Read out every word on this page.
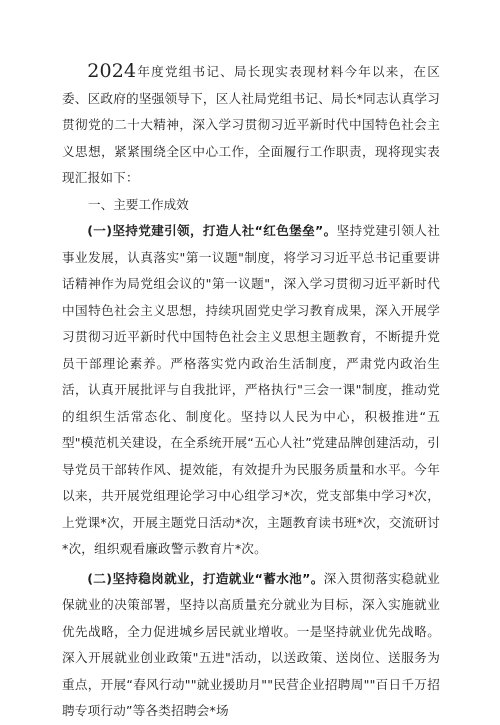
2024年度党组书记、局长现实表现材料今年以来，在区委、区政府的坚强领导下，区人社局党组书记、局长*同志认真学习贯彻党的二十大精神，深入学习贯彻习近平新时代中国特色社会主义思想，紧紧围绕全区中心工作，全面履行工作职责，现将现实表现汇报如下：

一、主要工作成效

(一)坚持党建引领，打造人社“红色堡垒”。坚持党建引领人社事业发展，认真落实"第一议题"制度，将学习习近平总书记重要讲话精神作为局党组会议的"第一议题"，深入学习贯彻习近平新时代中国特色社会主义思想，持续巩固党史学习教育成果，深入开展学习贯彻习近平新时代中国特色社会主义思想主题教育，不断提升党员干部理论素养。严格落实党内政治生活制度，严肃党内政治生活，认真开展批评与自我批评，严格执行"三会一课"制度，推动党的组织生活常态化、制度化。坚持以人民为中心，积极推进“五型"模范机关建设，在全系统开展“五心人社”党建品牌创建活动，引导党员干部转作风、提效能，有效提升为民服务质量和水平。今年以来，共开展党组理论学习中心组学习*次，党支部集中学习*次，上党课*次，开展主题党日活动*次，主题教育读书班*次，交流研讨*次，组织观看廉政警示教育片*次。

(二)坚持稳岗就业，打造就业“蓄水池”。深入贯彻落实稳就业保就业的决策部署，坚持以高质量充分就业为目标，深入实施就业优先战略，全力促进城乡居民就业增收。一是坚持就业优先战略。深入开展就业创业政策"五进"活动，以送政策、送岗位、送服务为重点，开展“春风行动""就业援助月""民营企业招聘周""百日千万招聘专项行动”等各类招聘会*场
